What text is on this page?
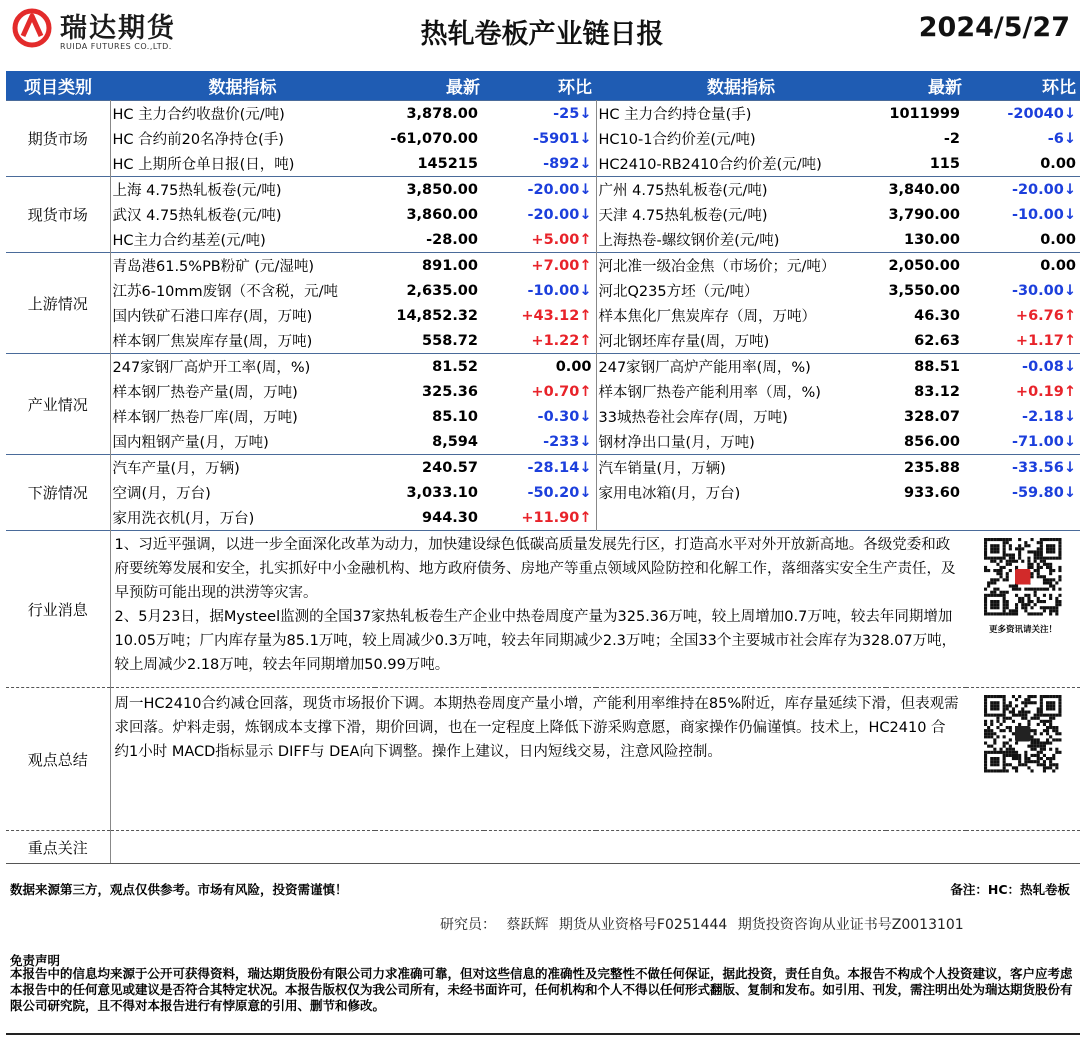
瑞达期货
RUIDA FUTURES CO.,LTD.	热轧卷板产业链日报	2024/5/27
项目类别	数据指标	最新	环比	数据指标	最新	环比
期货市场	HC 主力合约收盘价(元/吨)	3,878.00	-25↓	HC 主力合约持仓量(手)	1011999	-20040↓
	HC 合约前20名净持仓(手)	-61,070.00	-5901↓	HC10-1合约价差(元/吨)	-2	-6↓
	HC 上期所仓单日报(日，吨)	145215	-892↓	HC2410-RB2410合约价差(元/吨)	115	0.00
现货市场	上海 4.75热轧板卷(元/吨)	3,850.00	-20.00↓	广州 4.75热轧板卷(元/吨)	3,840.00	-20.00↓
	武汉 4.75热轧板卷(元/吨)	3,860.00	-20.00↓	天津 4.75热轧板卷(元/吨)	3,790.00	-10.00↓
	HC主力合约基差(元/吨)	-28.00	+5.00↑	上海热卷-螺纹钢价差(元/吨)	130.00	0.00
上游情况	青岛港61.5%PB粉矿 (元/湿吨)	891.00	+7.00↑	河北准一级冶金焦（市场价；元/吨）	2,050.00	0.00
	江苏6-10mm废钢（不含税，元/吨	2,635.00	-10.00↓	河北Q235方坯（元/吨）	3,550.00	-30.00↓
	国内铁矿石港口库存(周，万吨)	14,852.32	+43.12↑	样本焦化厂焦炭库存（周，万吨）	46.30	+6.76↑
	样本钢厂焦炭库存量(周，万吨)	558.72	+1.22↑	河北钢坯库存量(周，万吨)	62.63	+1.17↑
产业情况	247家钢厂高炉开工率(周，%)	81.52	0.00	247家钢厂高炉产能用率(周，%)	88.51	-0.08↓
	样本钢厂热卷产量(周，万吨)	325.36	+0.70↑	样本钢厂热卷产能利用率（周，%)	83.12	+0.19↑
	样本钢厂热卷厂库(周，万吨)	85.10	-0.30↓	33城热卷社会库存(周，万吨)	328.07	-2.18↓
	国内粗钢产量(月，万吨)	8,594	-233↓	钢材净出口量(月，万吨)	856.00	-71.00↓
下游情况	汽车产量(月，万辆)	240.57	-28.14↓	汽车销量(月，万辆)	235.88	-33.56↓
	空调(月，万台)	3,033.10	-50.20↓	家用电冰箱(月，万台)	933.60	-59.80↓
	家用洗衣机(月，万台)	944.30	+11.90↑			
行业消息	1、习近平强调，以进一步全面深化改革为动力，加快建设绿色低碳高质量发展先行区，打造高水平对外开放新高地。各级党委和政府要统筹发展和安全，扎实抓好中小金融机构、地方政府债务、房地产等重点领域风险防控和化解工作，落细落实安全生产责任，及早预防可能出现的洪涝等灾害。
2、5月23日，据Mysteel监测的全国37家热轧板卷生产企业中热卷周度产量为325.36万吨，较上周增加0.7万吨，较去年同期增加10.05万吨；厂内库存量为85.1万吨，较上周减少0.3万吨，较去年同期减少2.3万吨；全国33个主要城市社会库存为328.07万吨，较上周减少2.18万吨，较去年同期增加50.99万吨。					更多资讯请关注！

观点总结	周一HC2410合约减仓回落，现货市场报价下调。本期热卷周度产量小增，产能利用率维持在85%附近，库存量延续下滑，但表观需求回落。炉料走弱，炼钢成本支撑下滑，期价回调，也在一定程度上降低下游采购意愿，商家操作仍偏谨慎。技术上，HC2410 合约1小时 MACD指标显示 DIFF与 DEA向下调整。操作上建议，日内短线交易，注意风险控制。	
重点关注						
数据来源第三方，观点仅供参考。市场有风险，投资需谨慎！	备注：HC：热轧卷板
研究员： 蔡跃辉 期货从业资格号F0251444 期货投资咨询从业证书号Z0013101
免责声明
本报告中的信息均来源于公开可获得资料，瑞达期货股份有限公司力求准确可靠，但对这些信息的准确性及完整性不做任何保证，据此投资，责任自负。本报告不构成个人投资建议，客户应考虑本报告中的任何意见或建议是否符合其特定状况。本报告版权仅为我公司所有，未经书面许可，任何机构和个人不得以任何形式翻版、复制和发布。如引用、刊发，需注明出处为瑞达期货股份有限公司研究院，且不得对本报告进行有悖原意的引用、删节和修改。
